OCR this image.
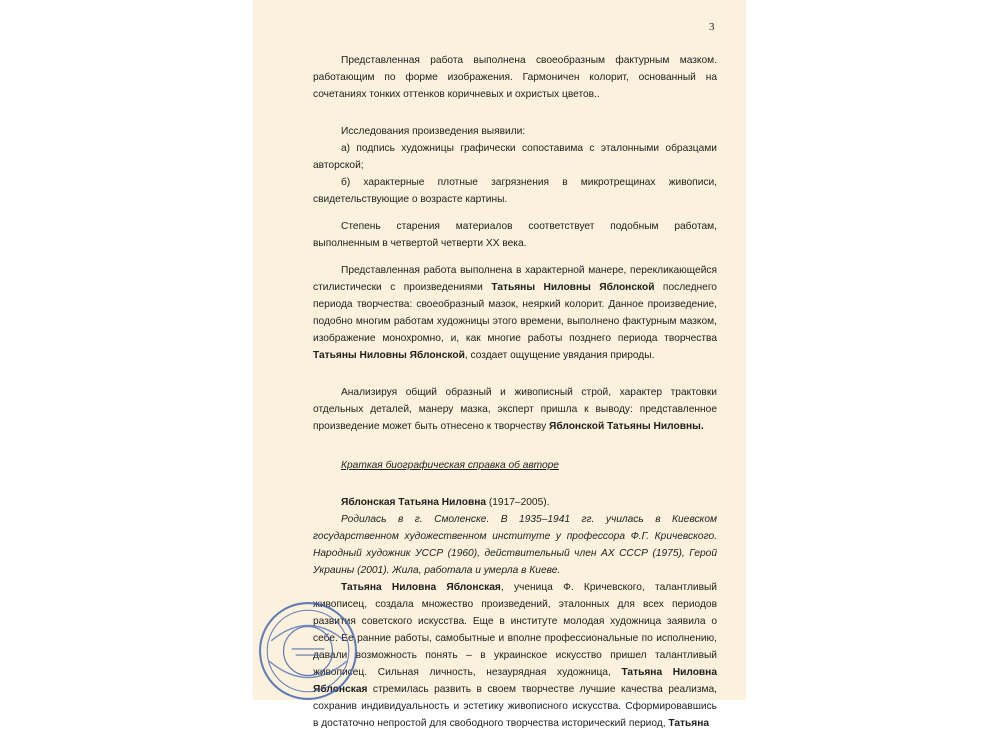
3

Представленная работа выполнена своеобразным фактурным мазком. работающим по форме изображения. Гармоничен колорит, основанный на сочетаниях тонких оттенков коричневых и охристых цветов..

Исследования произведения выявили:

а) подпись художницы графически сопоставима с эталонными образцами авторской;

б) характерные плотные загрязнения в микротрещинах живописи, свидетельствующие о возрасте картины.

Степень старения материалов соответствует подобным работам, выполненным в четвертой четверти XX века.

Представленная работа выполнена в характерной манере, перекликающейся стилистически с произведениями Татьяны Ниловны Яблонской последнего периода творчества: своеобразный мазок, неяркий колорит. Данное произведение, подобно многим работам художницы этого времени, выполнено фактурным мазком, изображение монохромно, и, как многие работы позднего периода творчества Татьяны Ниловны Яблонской, создает ощущение увядания природы.

Анализируя общий образный и живописный строй, характер трактовки отдельных деталей, манеру мазка, эксперт пришла к выводу: представленное произведение может быть отнесено к творчеству Яблонской Татьяны Ниловны.

Краткая биографическая справка об авторе

Яблонская Татьяна Ниловна (1917–2005).

Родилась в г. Смоленске. В 1935–1941 гг. училась в Киевском государственном художественном институте у профессора Ф.Г. Кричевского. Народный художник УССР (1960), действительный член АХ СССР (1975), Герой Украины (2001). Жила, работала и умерла в Киеве.

Татьяна Ниловна Яблонская, ученица Ф. Кричевского, талантливый живописец, создала множество произведений, эталонных для всех периодов развития советского искусства. Еще в институте молодая художница заявила о себе. Ее ранние работы, самобытные и вполне профессиональные по исполнению, давали возможность понять – в украинское искусство пришел талантливый живописец. Сильная личность, незаурядная художница, Татьяна Ниловна Яблонская стремилась развить в своем творчестве лучшие качества реализма, сохранив индивидуальность и эстетику живописного искусства. Сформировавшись в достаточно непростой для свободного творчества исторический период, Татьяна
